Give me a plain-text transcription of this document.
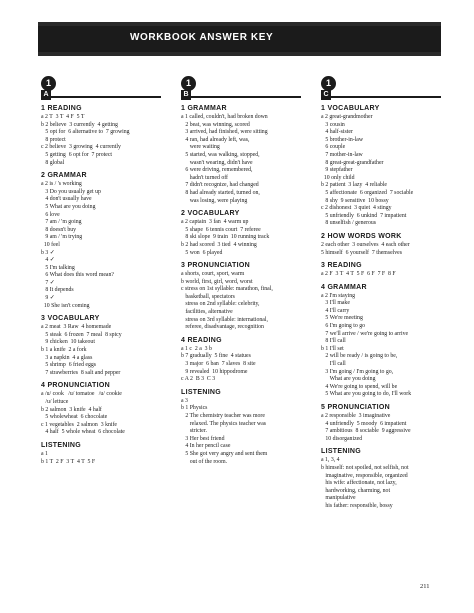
WORKBOOK ANSWER KEY
1
A
1 READING
a 2 T  3 T  4 F  5 T
b 2 believe  3 currently  4 getting
5 opt for  6 alternative to  7 growing
8 protect
c 2 believe  3 growing  4 currently
5 getting  6 opt for  7 protect
8 global
2 GRAMMAR
a 2 is / 's working
3 Do you usually get up
4 don't usually have
5 What are you doing
6 love
7 am / 'm going
8 doesn't buy
9 am / 'm trying
10 feel
b 3 ✓
4 ✓
5 I'm talking
6 What does this word mean?
7 ✓
8 It depends
9 ✓
10 She isn't coming
3 VOCABULARY
a 2 meat  3 Raw  4 homemade
5 steak  6 frozen  7 meal  8 spicy
9 chicken  10 takeout
b 1 a knife  2 a fork
3 a napkin  4 a glass
5 shrimp  6 fried eggs
7 strawberries  8 salt and pepper
4 PRONUNCIATION
a /u/ cook   /u/ tomatoe   /u/ cookie
/u/ lettuce
b 2 salmon  3 knife  4 half
5 wholewheat  6 chocolate
c 1 vegetables  2 salmon  3 knife
4 half  5 whole wheat  6 chocolate
LISTENING
a 1
b 1 T  2 F  3 T  4 T  5 F
1
B
1 GRAMMAR
a 1 called, couldn't, had broken down
2 beat, was winning, scored
3 arrived, had finished, were sitting
4 ran, had already left, was,
were waiting
5 started, was walking, stopped,
wasn't wearing, didn't have
6 were driving, remembered,
hadn't turned off
7 didn't recognize, had changed
8 had already started, turned on,
was losing, were playing
2 VOCABULARY
a 2 captain  3 fan  4 warm up
5 shape  6 tennis court  7 referee
8 ski slope  9 train  10 running track
b 2 had scored  3 tied  4 winning
5 won  6 played
3 PRONUNCIATION
a shorts, court, sport, warm
b world, first, girl, word, worst
c stress on 1st syllable: marathon, final,
basketball, spectators
stress on 2nd syllable: celebrity,
facilities, alternative
stress on 3rd syllable: international,
referee, disadvantage, recognition
4 READING
a 1 c  2 a  3 b
b 7 gradually  5 fine  4 statues
3 major  6 ban  7 slaves  8 site
9 revealed  10 hippodrome
c A 2  B 3  C 3
LISTENING
a 3
b 1 Physics
2 The chemistry teacher was more
relaxed. The physics teacher was
stricter.
3 Her best friend
4 In her pencil case
5 She got very angry and sent them
out of the room.
1
C
1 VOCABULARY
a 2 great-grandmother
3 cousin
4 half-sister
5 brother-in-law
6 couple
7 mother-in-law
8 great-great-grandfather
9 stepfather
10 only child
b 2 patient  3 lazy  4 reliable
5 affectionate  6 organized  7 sociable
8 shy  9 sensitive  10 bossy
c 2 dishonest  3 quiet  4 stingy
5 unfriendly  6 unkind  7 impatient
8 unselfish / generous
2 HOW WORDS WORK
2 each other  3 ourselves  4 each other
5 himself  6 yourself  7 themselves
3 READING
a 2 F  3 T  4 T  5 F  6 F  7 F  8 F
4 GRAMMAR
a 2 I'm staying
3 I'll make
4 I'll carry
5 We're meeting
6 I'm going to go
7 we'll arrive / we're going to arrive
8 I'll call
b 1 I'll set
2 will be ready / is going to be,
I'll call
3 I'm going / I'm going to go,
What are you doing
4 We're going to spend, will be
5 What are you going to do, I'll work
5 PRONUNCIATION
a 2 responsible  3 imaginative
4 unfriendly  5 moody  6 impatient
7 ambitious  8 sociable  9 aggressive
10 disorganized
LISTENING
a 1, 3, 4
b himself: not spoiled, not selfish, not
imaginative, responsible, organized
his wife: affectionate, not lazy,
hardworking, charming, not
manipulative
his father: responsible, bossy
211
